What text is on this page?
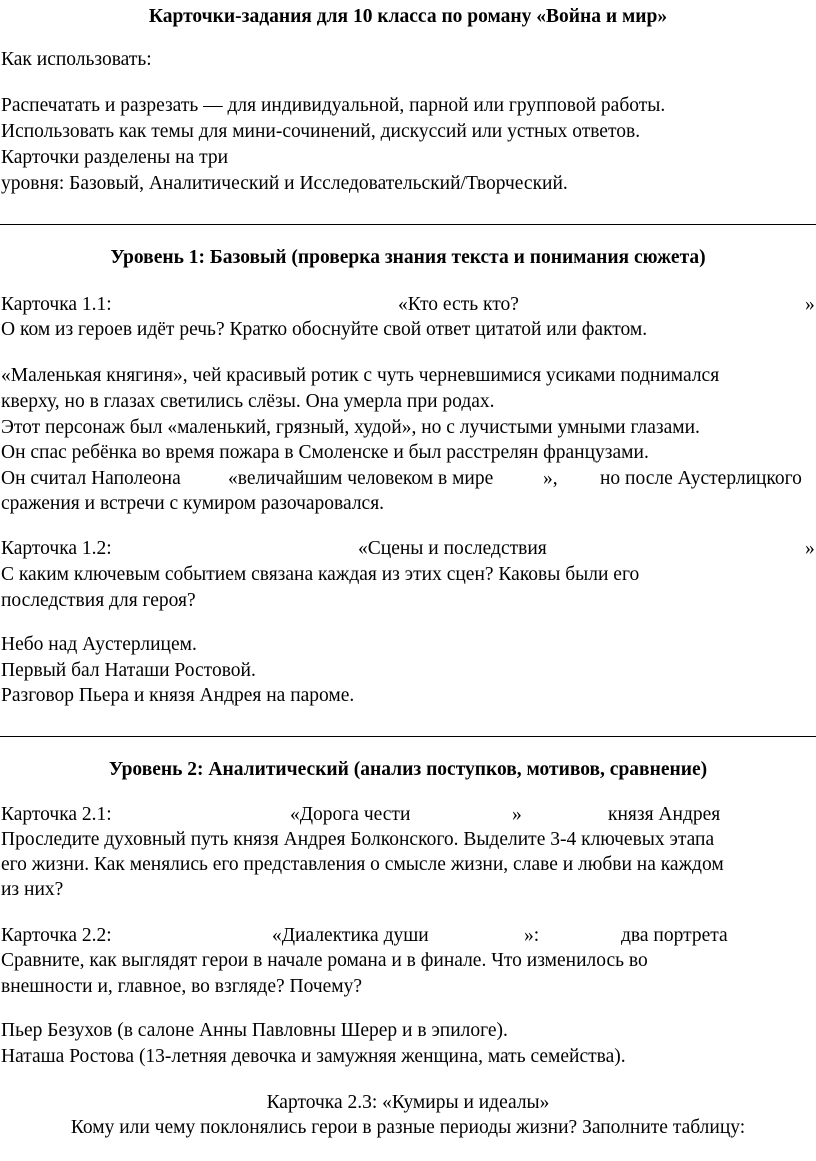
Карточки-задания для 10 класса по роману «Война и мир»
Как использовать:
Распечатать и разрезать — для индивидуальной, парной или групповой работы.
Использовать как темы для мини-сочинений, дискуссий или устных ответов.
Карточки разделены на три
уровня: Базовый, Аналитический и Исследовательский/Творческий.
Уровень 1: Базовый (проверка знания текста и понимания сюжета)
Карточка 1.1:	«Кто есть кто?	»
О ком из героев идёт речь? Кратко обоснуйте свой ответ цитатой или фактом.
«Маленькая княгиня», чей красивый ротик с чуть черневшимися усиками поднимался
кверху, но в глазах светились слёзы. Она умерла при родах.
Этот персонаж был «маленький, грязный, худой», но с лучистыми умными глазами.
Он спас ребёнка во время пожара в Смоленске и был расстрелян французами.
Он считал Наполеона «величайшим человеком в мире	», но после Аустерлицкого
сражения и встречи с кумиром разочаровался.
Карточка 1.2:	«Сцены и последствия	»
С каким ключевым событием связана каждая из этих сцен? Каковы были его
последствия для героя?
Небо над Аустерлицем.
Первый бал Наташи Ростовой.
Разговор Пьера и князя Андрея на пароме.
Уровень 2: Аналитический (анализ поступков, мотивов, сравнение)
Карточка 2.1:	«Дорога чести	»	князя Андрея
Проследите духовный путь князя Андрея Болконского. Выделите 3-4 ключевых этапа
его жизни. Как менялись его представления о смысле жизни, славе и любви на каждом
из них?
Карточка 2.2:	«Диалектика души	»:	два портрета
Сравните, как выглядят герои в начале романа и в финале. Что изменилось во
внешности и, главное, во взгляде? Почему?
Пьер Безухов (в салоне Анны Павловны Шерер и в эпилоге).
Наташа Ростова (13-летняя девочка и замужняя женщина, мать семейства).
Карточка 2.3: «Кумиры и идеалы»
Кому или чему поклонялись герои в разные периоды жизни? Заполните таблицу:
